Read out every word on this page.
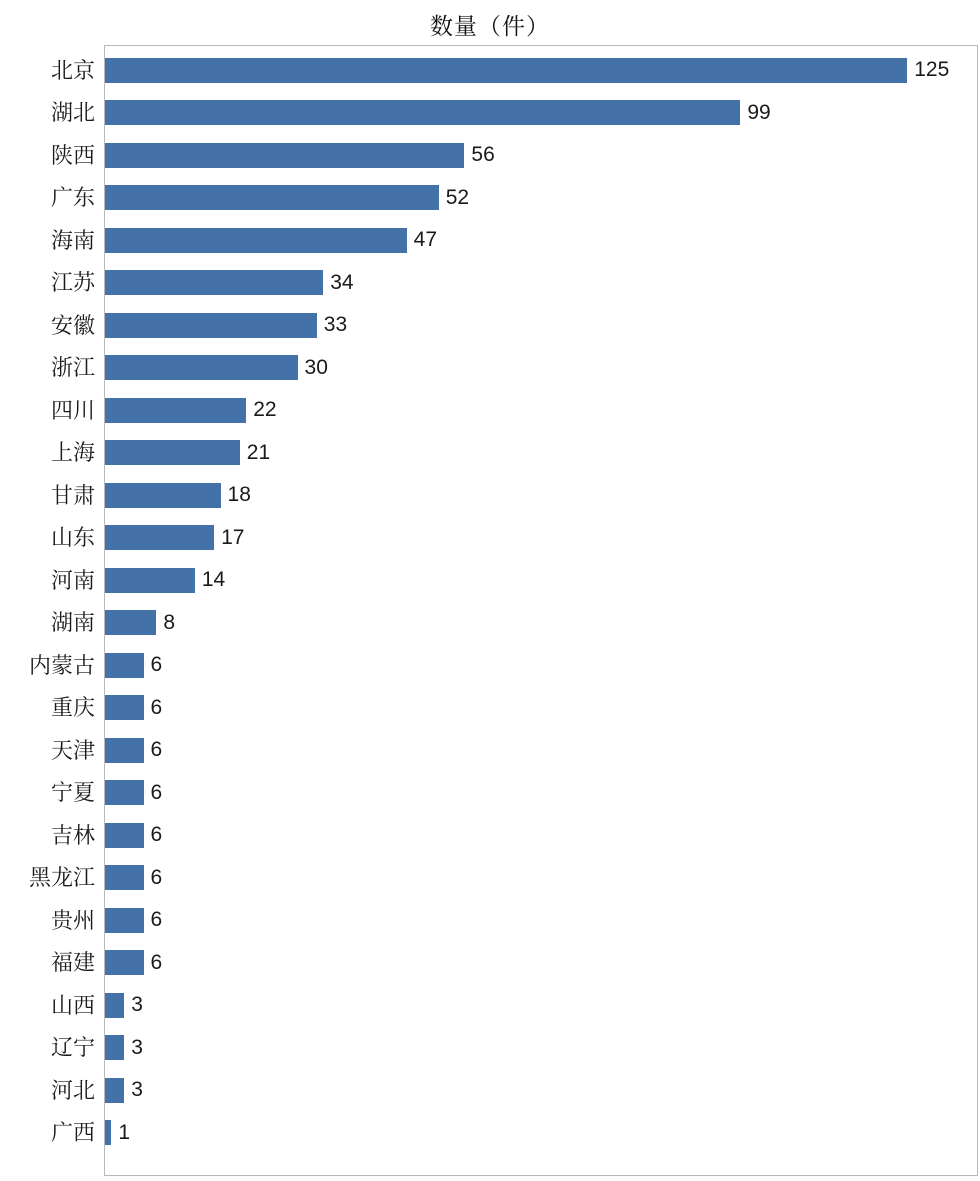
数量（件）
北京
湖北
陕西
广东
海南
江苏
安徽
浙江
四川
上海
甘肃
山东
河南
湖南
内蒙古
重庆
天津
宁夏
吉林
黑龙江
贵州
福建
山西
辽宁
河北
广西
125
99
56
52
47
34
33
30
22
21
18
17
14
8
6
6
6
6
6
6
6
6
3
3
3
1
